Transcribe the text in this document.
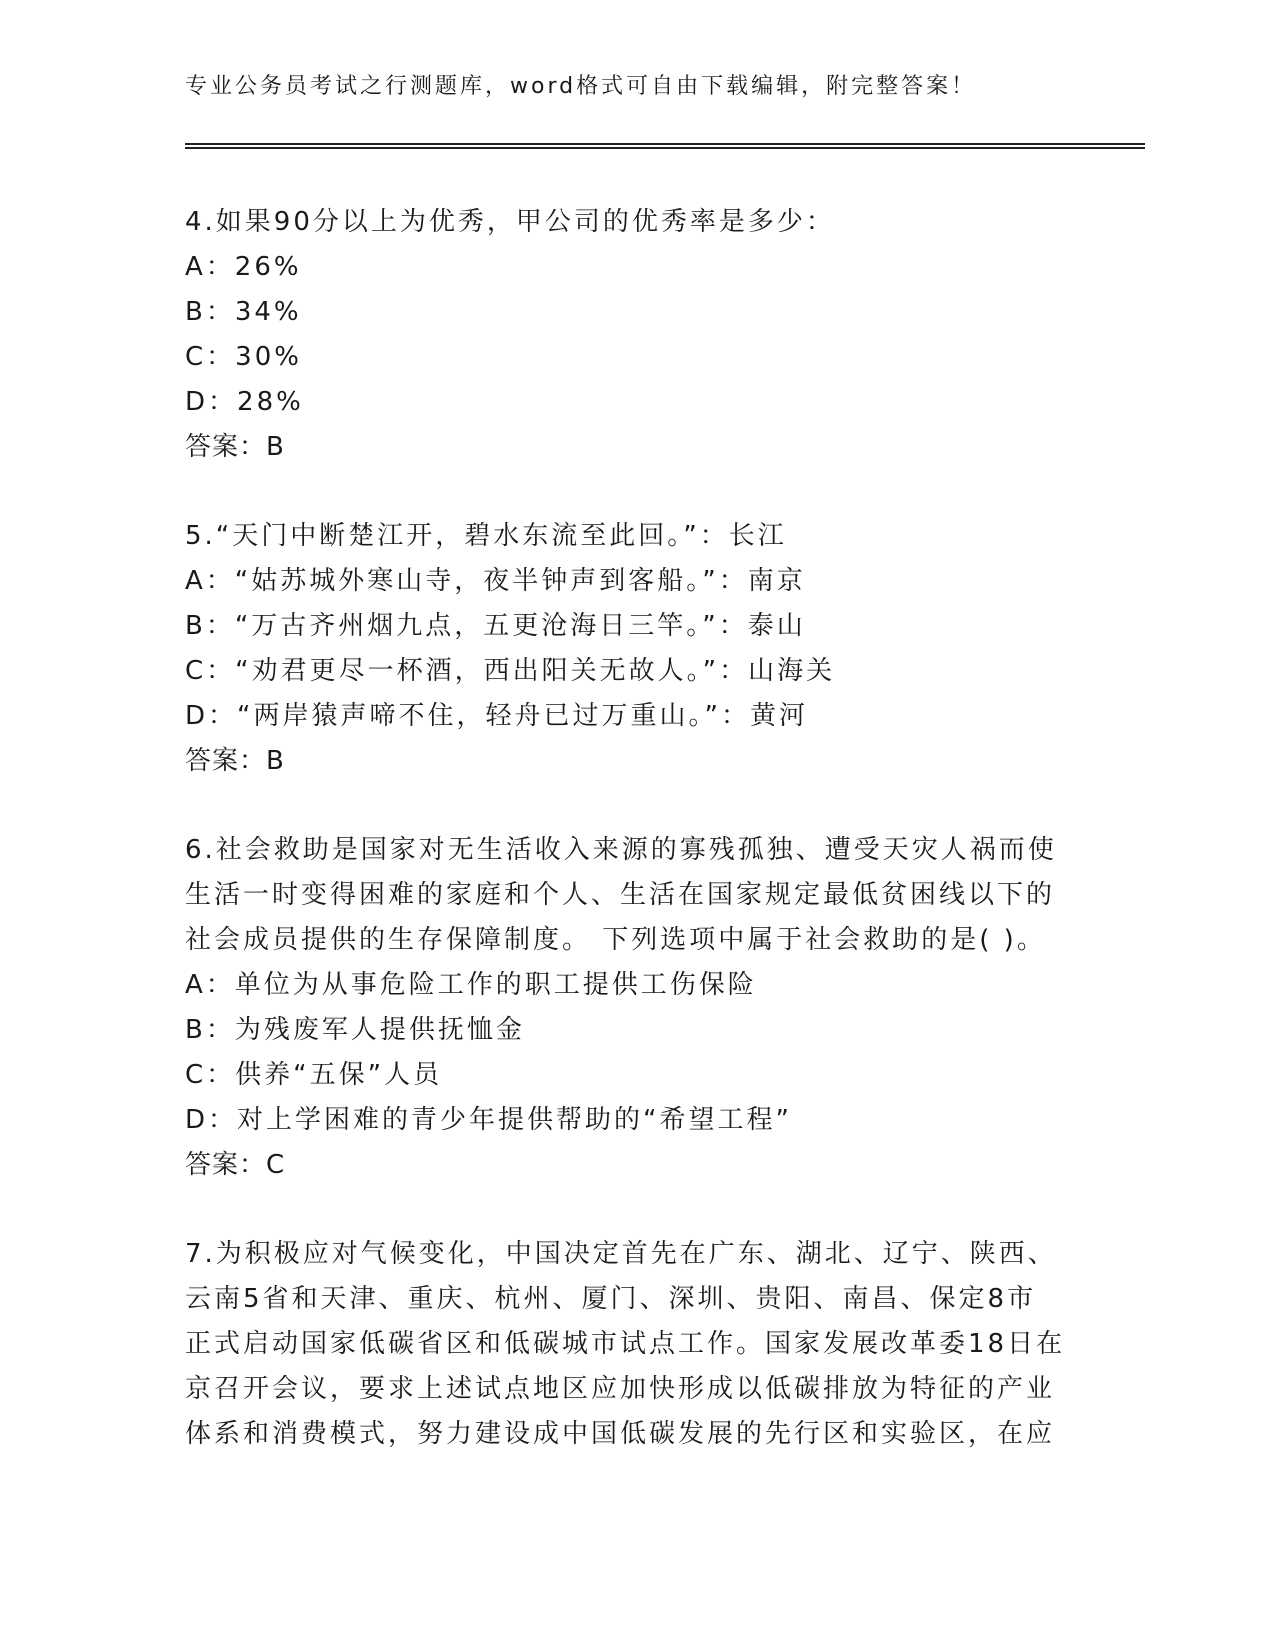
专业公务员考试之行测题库，word格式可自由下载编辑，附完整答案！

4.如果90分以上为优秀，甲公司的优秀率是多少：

A：26%

B：34%

C：30%

D：28%

答案：B

5.“天门中断楚江开，碧水东流至此回。”：长江

A：“姑苏城外寒山寺，夜半钟声到客船。”：南京

B：“万古齐州烟九点，五更沧海日三竿。”：泰山

C：“劝君更尽一杯酒，西出阳关无故人。”：山海关

D：“两岸猿声啼不住，轻舟已过万重山。”：黄河

答案：B

6.社会救助是国家对无生活收入来源的寡残孤独、遭受天灾人祸而使

生活一时变得困难的家庭和个人、生活在国家规定最低贫困线以下的

社会成员提供的生存保障制度。 下列选项中属于社会救助的是( )。

A：单位为从事危险工作的职工提供工伤保险

B：为残废军人提供抚恤金

C：供养“五保”人员

D：对上学困难的青少年提供帮助的“希望工程”

答案：C

7.为积极应对气候变化，中国决定首先在广东、湖北、辽宁、陕西、

云南5省和天津、重庆、杭州、厦门、深圳、贵阳、南昌、保定8市

正式启动国家低碳省区和低碳城市试点工作。国家发展改革委18日在

京召开会议，要求上述试点地区应加快形成以低碳排放为特征的产业

体系和消费模式，努力建设成中国低碳发展的先行区和实验区，在应
